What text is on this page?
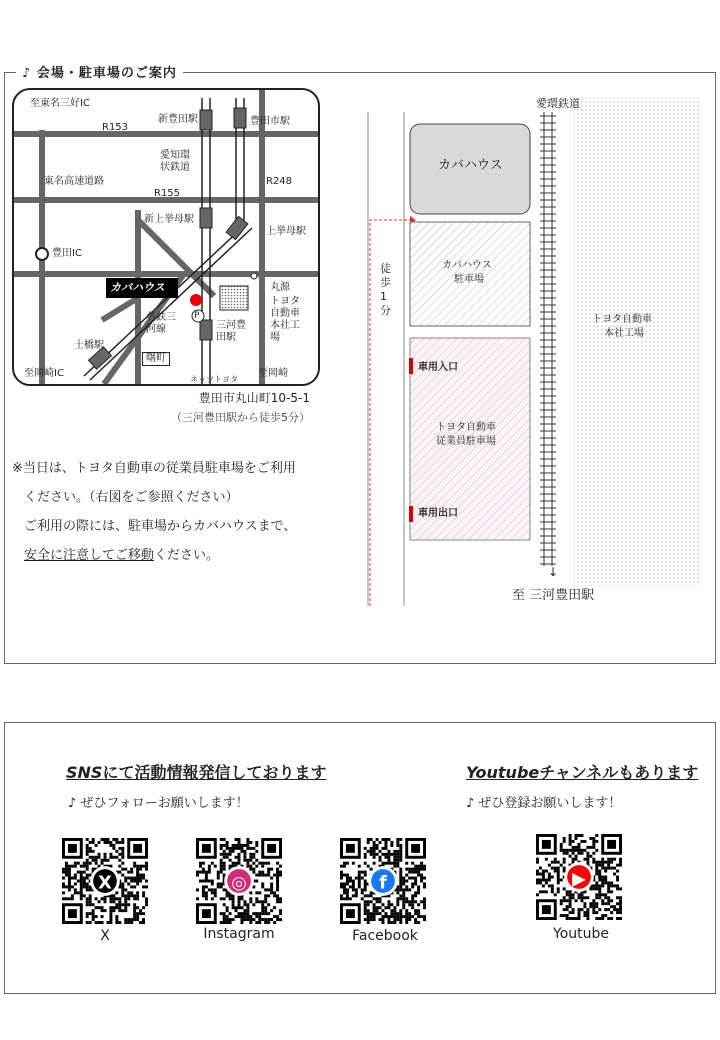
♪ 会場・駐車場のご案内
至東名三好IC
R153
新豊田駅	豊田市駅
愛知環状鉄道
東名高速道路	R248
R155
新上挙母駅
上挙母駅
豊田IC
カバハウス	丸源
トヨタ自動車本社工場
P
名鉄三河線	三河豊田駅
土橋駅
曙町
ネッツトヨタ
至岡崎IC	至岡崎
豊田市丸山町10-5-1
（三河豊田駅から徒歩5分）
※当日は、トヨタ自動車の従業員駐車場をご利用
ください。（右図をご参照ください）
ご利用の際には、駐車場からカバハウスまで、
安全に注意してご移動ください。
愛環鉄道
カバハウス
カバハウス
駐車場
徒歩1分
トヨタ自動車
本社工場
車用入口
トヨタ自動車
従業員駐車場
車用出口
↓
至 三河豊田駅
SNSにて活動情報発信しております
♪ ぜひフォローお願いします！
Youtubeチャンネルもあります
♪ ぜひ登録お願いします！
X
X
◎
Instagram
f
Facebook
▶
Youtube
